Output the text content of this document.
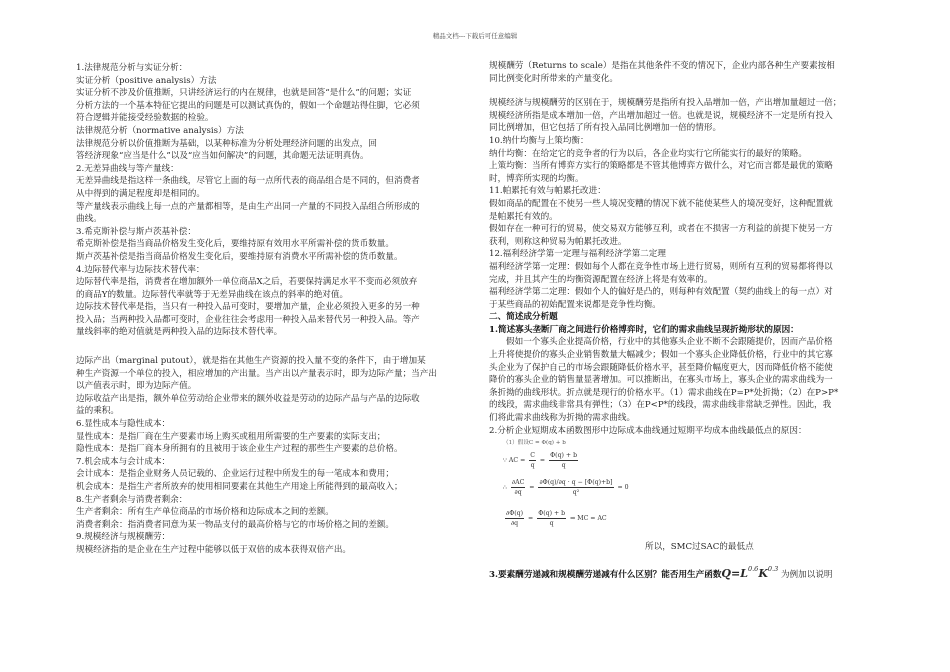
精品文档---下载后可任意编辑

1.法律规范分析与实证分析：

实证分析（positive analysis）方法

实证分析不涉及价值推断，只讲经济运行的内在规律，也就是回答“是什么”的问题；实证

分析方法的一个基本特征它提出的问题是可以测试真伪的，假如一个命题站得住脚，它必须

符合逻辑并能接受经验数据的检验。

法律规范分析（normative analysis）方法

法律规范分析以价值推断为基础，以某种标准为分析处理经济问题的出发点，回

答经济现象“应当是什么”以及“应当如何解决”的问题，其命题无法证明真伪。

2.无差异曲线与等产量线：

无差异曲线是指这样一条曲线，尽管它上面的每一点所代表的商品组合是不同的，但消费者

从中得到的满足程度却是相同的。

等产量线表示曲线上每一点的产量都相等，是由生产出同一产量的不同投入品组合所形成的

曲线。

3.希克斯补偿与斯卢茨基补偿：

希克斯补偿是指当商品价格发生变化后，要维持原有效用水平所需补偿的货币数量。

斯卢茨基补偿是指当商品价格发生变化后，要维持原有消费水平所需补偿的货币数量。

4.边际替代率与边际技术替代率：

边际替代率是指，消费者在增加额外一单位商品X之后，若要保持满足水平不变而必须放弃

的商品Y的数量。边际替代率就等于无差异曲线在该点的斜率的绝对值。

边际技术替代率是指，当只有一种投入品可变时，要增加产量，企业必须投入更多的另一种

投入品；当两种投入品都可变时，企业往往会考虑用一种投入品来替代另一种投入品。等产

量线斜率的绝对值就是两种投入品的边际技术替代率。

边际产出（marginal putout），就是指在其他生产资源的投入量不变的条件下，由于增加某

种生产资源一个单位的投入，相应增加的产出量。当产出以产量表示时，即为边际产量；当产出

以产值表示时，即为边际产值。

边际收益产出是指，额外单位劳动给企业带来的额外收益是劳动的边际产品与产品的边际收

益的乘积。

6.显性成本与隐性成本：

显性成本：是指厂商在生产要素市场上购买或租用所需要的生产要素的实际支出；

隐性成本：是指厂商本身所拥有的且被用于该企业生产过程的那些生产要素的总价格。

7.机会成本与会计成本：

会计成本：是指企业财务人员记载的、企业运行过程中所发生的每一笔成本和费用；

机会成本：是指生产者所放弃的使用相同要素在其他生产用途上所能得到的最高收入；

8.生产者剩余与消费者剩余：

生产者剩余：所有生产单位商品的市场价格和边际成本之间的差额。

消费者剩余：指消费者同意为某一物品支付的最高价格与它的市场价格之间的差额。

9.规模经济与规模酬劳：

规模经济指的是企业在生产过程中能够以低于双倍的成本获得双倍产出。

规模酬劳（Returns to scale）是指在其他条件不变的情况下，企业内部各种生产要素按相

同比例变化时所带来的产量变化。

规模经济与规模酬劳的区别在于，规模酬劳是指所有投入品增加一倍，产出增加量超过一倍；

规模经济所指是成本增加一倍，产出增加超过一倍。也就是说，规模经济不一定是所有投入

同比例增加，但它包括了所有投入品同比例增加一倍的情形。

10.纳什均衡与上策均衡：

纳什均衡：在给定它的竞争者的行为以后，各企业均实行它所能实行的最好的策略。

上策均衡：当所有博弈方实行的策略都是不管其他博弈方做什么，对它而言都是最优的策略

时，博弈所实现的均衡。

11.帕累托有效与帕累托改进：

假如商品的配置在不使另一些人境况变糟的情况下就不能使某些人的境况变好，这种配置就

是帕累托有效的。

假如存在一种可行的贸易，使交易双方能够互利，或者在不损害一方利益的前提下使另一方

获利，则称这种贸易为帕累托改进。

12.福利经济学第一定理与福利经济学第二定理

福利经济学第一定理：假如每个人都在竞争性市场上进行贸易，则所有互利的贸易都将得以

完成，并且其产生的均衡资源配置在经济上将是有效率的。

福利经济学第二定理：假如个人的偏好是凸的，则每种有效配置（契约曲线上的每一点）对

于某些商品的初始配置来说都是竞争性均衡。

二、简述成分析题

1.简述寡头垄断厂商之间进行价格博弈时，它们的需求曲线呈现折拗形状的原因：

假如一个寡头企业提高价格，行业中的其他寡头企业不断不会跟随提价，因而产品价格

上升将使提价的寡头企业销售数量大幅减少；假如一个寡头企业降低价格，行业中的其它寡

头企业为了保护自己的市场会跟随降低价格水平，甚至降价幅度更大，因而降低价格不能使

降价的寡头企业的销售量显著增加。可以推断出，在寡头市场上，寡头企业的需求曲线为一

条折拗的曲线形状。折点就是现行的价格水平。（1）需求曲线在P=P*处折拗；（2）在P>P*

的线段，需求曲线非常具有弹性；（3）在P<P*的线段，需求曲线非常缺乏弹性。因此，我

们将此需求曲线称为折拗的需求曲线。

2.分析企业短期成本函数图形中边际成本曲线通过短期平均成本曲线最低点的原因：

（1）假设C = Φ(q) + b
∵ AC = $\frac{C}{q} = \frac{\Phi(q) + b}{q}$
∴ $\frac{\partial AC}{\partial q} = \frac{\partial\Phi(q)/\partial q \cdot q - [\Phi(q)+b]}{\text{q²}} = 0$
$\frac{\partial\Phi(q)}{\partial q} = \frac{\Phi(q) + b}{q}$ ⇒ MC = AC
所以，SMC过SAC的最低点

3.要素酬劳递减和规模酬劳递减有什么区别？能否用生产函数$Q=L^{0.6}K^{0.3}$ 为例加以说明
